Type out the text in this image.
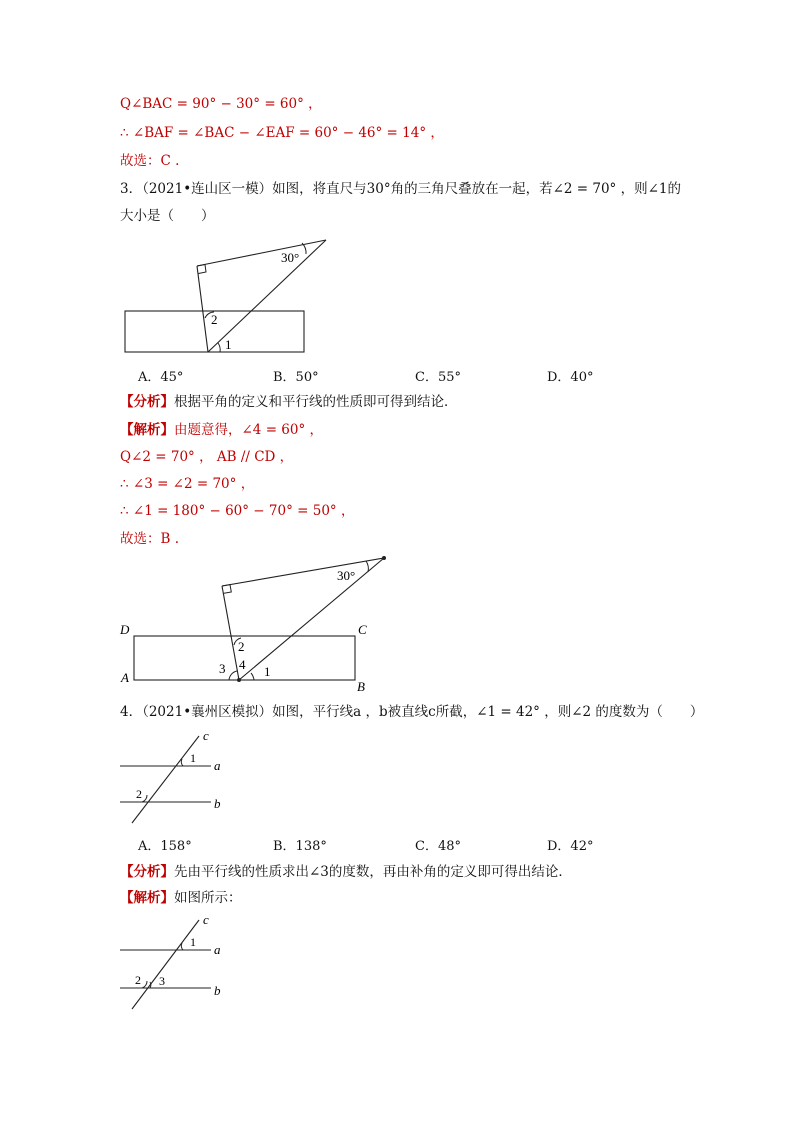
Q∠BAC = 90° − 30° = 60° ，
∴ ∠BAF = ∠BAC − ∠EAF = 60° − 46° = 14° ，
故选：C .
3．（2021•连山区一模）如图，将直尺与30°角的三角尺叠放在一起，若∠2 = 70° ，则∠1的
大小是（　　）
30°
2
1
A．45°	B．50°	C．55°	D．40°
【分析】根据平角的定义和平行线的性质即可得到结论．
【解析】由题意得，∠4 = 60° ，
Q∠2 = 70° ， AB // CD ，
∴ ∠3 = ∠2 = 70° ，
∴ ∠1 = 180° − 60° − 70° = 50° ，
故选：B .
30°
2
3 4 1
D	C
A
B
4．（2021•襄州区模拟）如图，平行线a ，b被直线c所截，∠1 = 42° ，则∠2 的度数为（　　）
c
a
b
1
2
A．158°	B．138°	C．48°	D．42°
【分析】先由平行线的性质求出∠3的度数，再由补角的定义即可得出结论．
【解析】如图所示：
c
a
b
1
2 3
